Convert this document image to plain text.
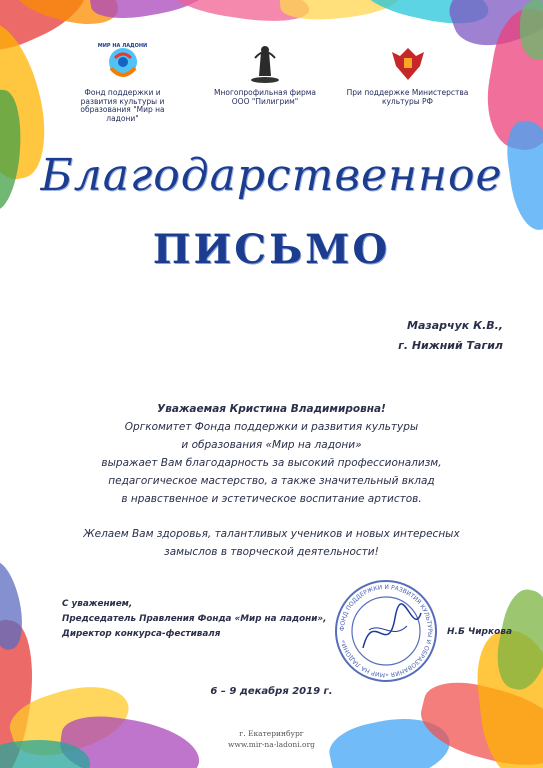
МИР НА ЛАДОНИ
Фонд поддержки и развития культуры и образования "Мир на ладони"
Многопрофильная фирма ООО "Пилигрим"
При поддержке Министерства культуры РФ
Благодарственное
ПИСЬМО
Мазарчук К.В.,
г. Нижний Тагил
Уважаемая Кристина Владимировна!
Оргкомитет Фонда поддержки и развития культуры
и образования «Мир на ладони»
выражает Вам благодарность за высокий профессионализм,
педагогическое мастерство, а также значительный вклад
в нравственное и эстетическое воспитание артистов.
Желаем Вам здоровья, талантливых учеников и новых интересных
замыслов в творческой деятельности!
С уважением,
Председатель Правления Фонда «Мир на ладони»,
Директор конкурса-фестиваля
ФОНД ПОДДЕРЖКИ И РАЗВИТИЯ КУЛЬТУРЫ И ОБРАЗОВАНИЯ «МИР НА ЛАДОНИ»
Н.Б Чиркова
6 – 9 декабря 2019 г.
г. Екатеринбург
www.mir-na-ladoni.org
